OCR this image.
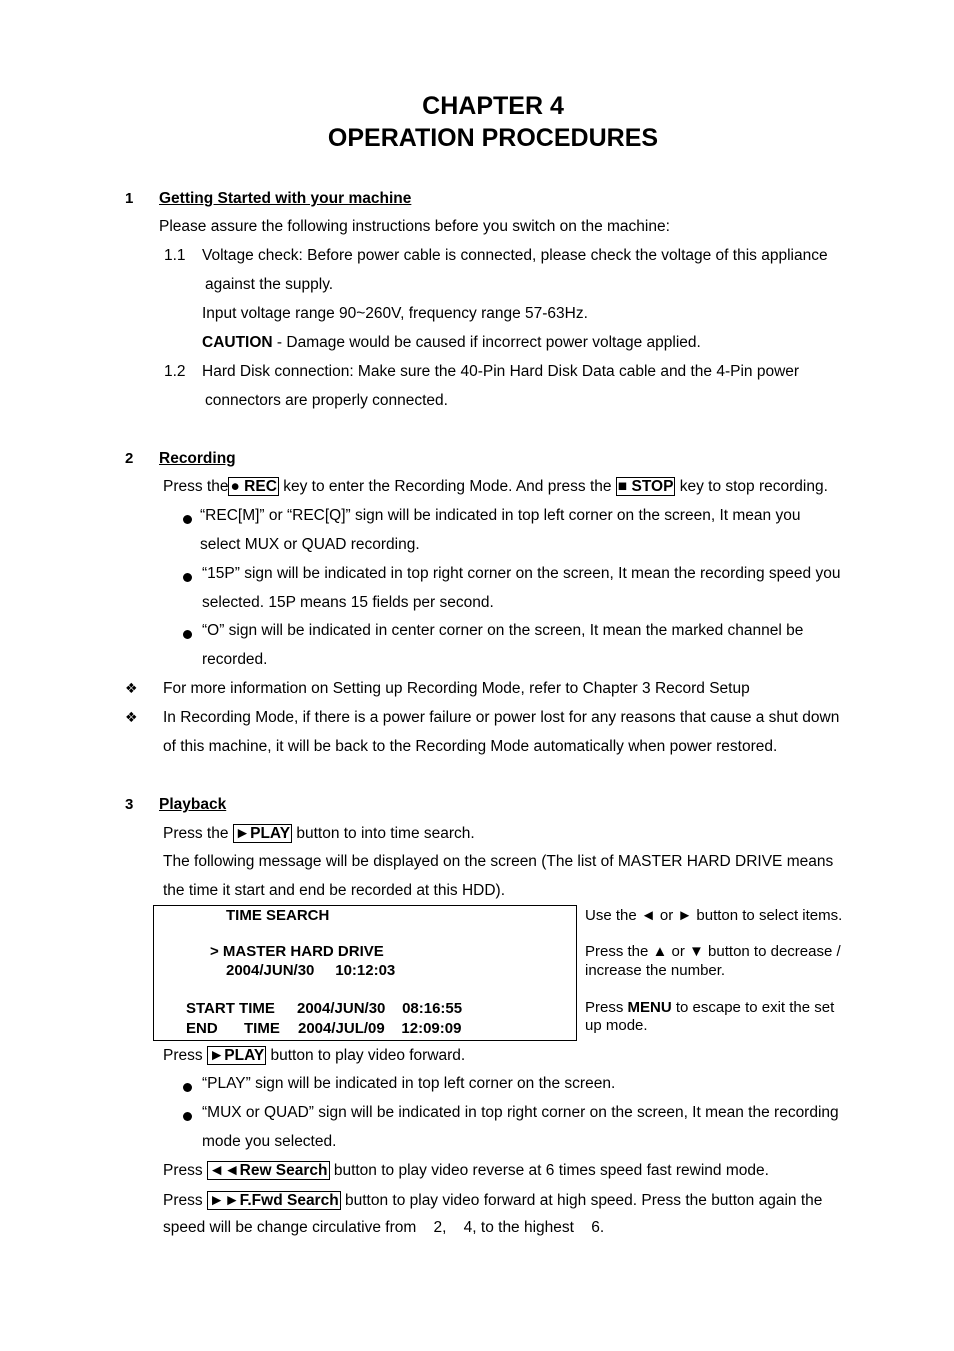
CHAPTER 4
OPERATION PROCEDURES
1 Getting Started with your machine
Please assure the following instructions before you switch on the machine:
1.1 Voltage check: Before power cable is connected, please check the voltage of this appliance
against the supply.
Input voltage range 90~260V, frequency range 57-63Hz.
CAUTION - Damage would be caused if incorrect power voltage applied.
1.2 Hard Disk connection: Make sure the 40-Pin Hard Disk Data cable and the 4-Pin power
connectors are properly connected.
2 Recording
Press the ● REC key to enter the Recording Mode. And press the ■ STOP key to stop recording.
“REC[M]” or “REC[Q]” sign will be indicated in top left corner on the screen, It mean you
select MUX or QUAD recording.
“15P” sign will be indicated in top right corner on the screen, It mean the recording speed you
selected. 15P means 15 fields per second.
“O” sign will be indicated in center corner on the screen, It mean the marked channel be
recorded.
❖ For more information on Setting up Recording Mode, refer to Chapter 3 Record Setup
❖ In Recording Mode, if there is a power failure or power lost for any reasons that cause a shut down
of this machine, it will be back to the Recording Mode automatically when power restored.
3 Playback
Press the ►PLAY button to into time search.
The following message will be displayed on the screen (The list of MASTER HARD DRIVE means
the time it start and end be recorded at this HDD).
TIME SEARCH
> MASTER HARD DRIVE
2004/JUN/30     10:12:03
START TIME 2004/JUN/30    08:16:55
END TIME 2004/JUL/09    12:09:09
Use the ◄ or ► button to select items.
Press the ▲ or ▼ button to decrease /
increase the number.
Press MENU to escape to exit the set
up mode.
Press ►PLAY button to play video forward.
“PLAY” sign will be indicated in top left corner on the screen.
“MUX or QUAD” sign will be indicated in top right corner on the screen, It mean the recording
mode you selected.
Press ◄◄Rew Search button to play video reverse at 6 times speed fast rewind mode.
Press ►►F.Fwd Search button to play video forward at high speed. Press the button again the
speed will be change circulative from    2,    4, to the highest    6.
